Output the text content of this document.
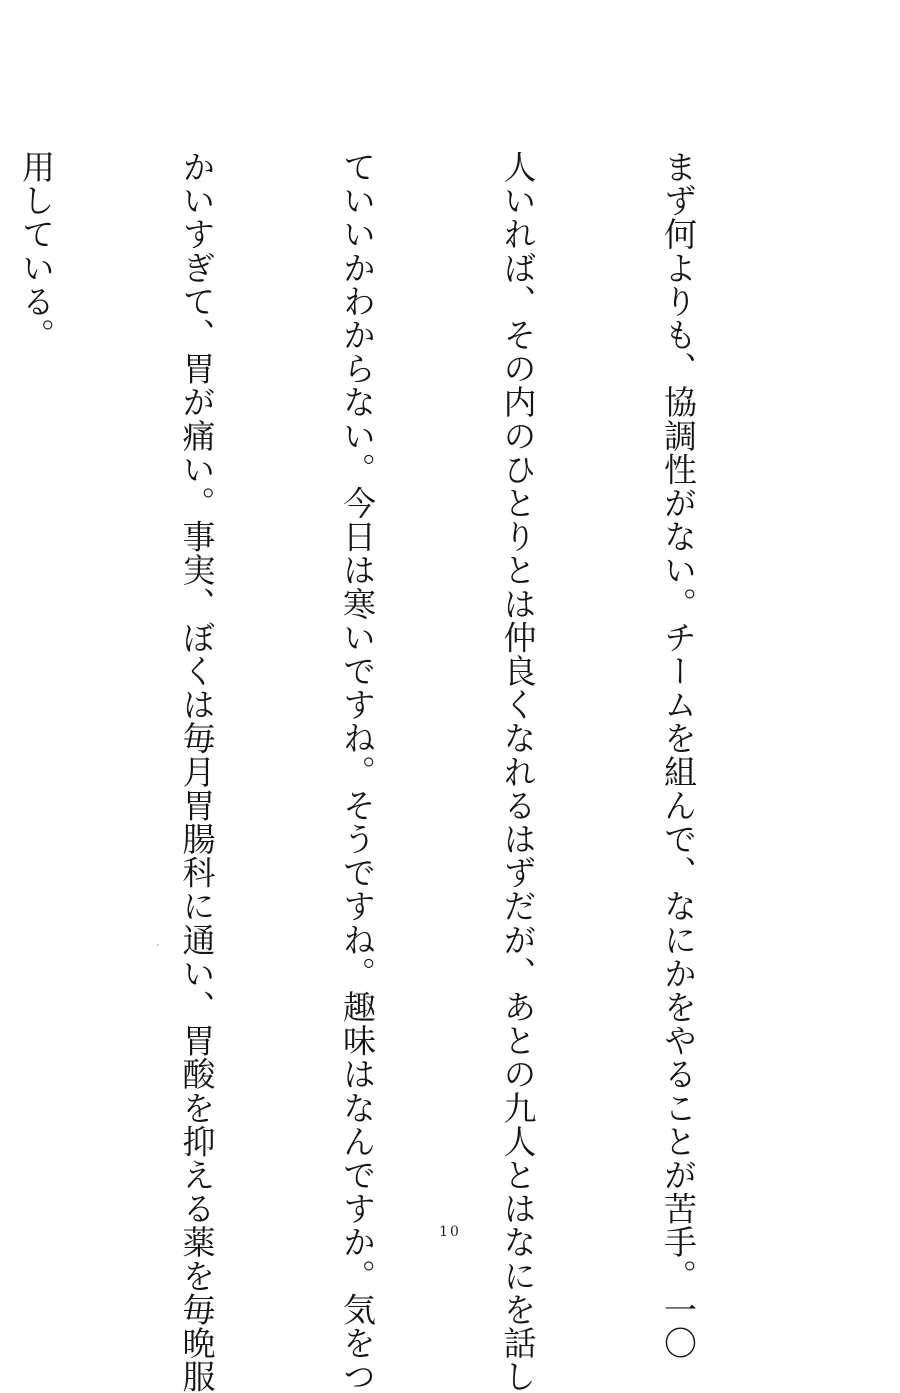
まず何よりも、協調性がない。チームを組んで、なにかをやることが苦手。一〇

人いれば、その内のひとりとは仲良くなれるはずだが、あとの九人とはなにを話し

ていいかわからない。今日は寒いですね。そうですね。趣味はなんですか。気をつ

かいすぎて、胃が痛い。事実、ぼくは毎月胃腸科に通い、胃酸を抑える薬を毎晩服

用している。

10
